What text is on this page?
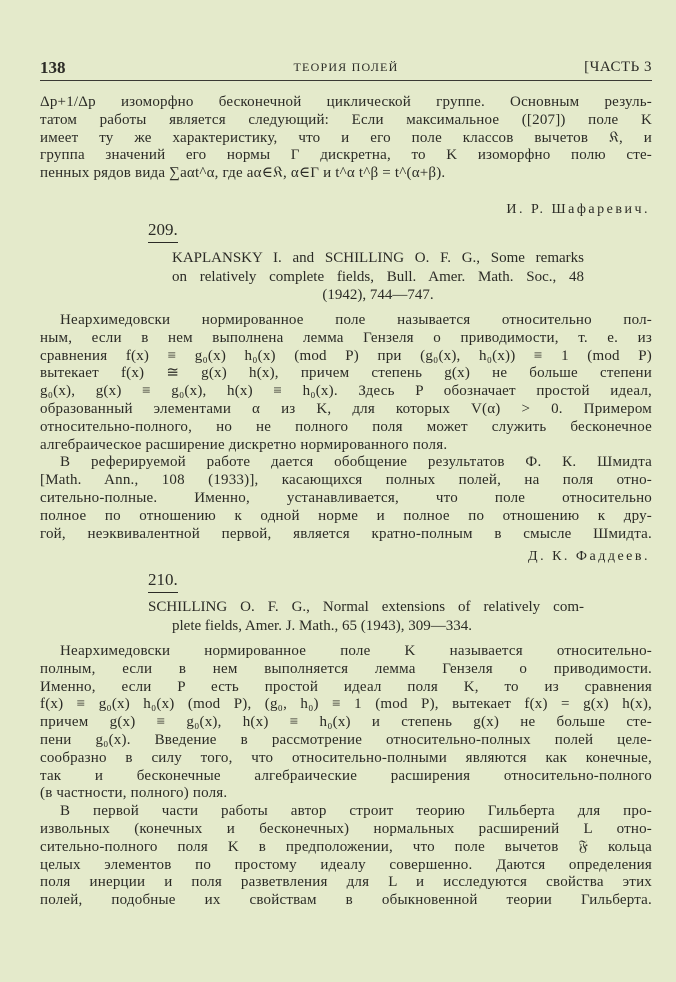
138	ТЕОРИЯ ПОЛЕЙ	[ЧАСТЬ 3
Δp+1/Δp изоморфно бесконечной циклической группе. Основным резуль-
татом работы является следующий: Если максимальное ([207]) поле K
имеет ту же характеристику, что и его поле классов вычетов 𝔎, и
группа значений его нормы Γ дискретна, то K изоморфно полю сте-
пенных рядов вида ∑aαt^α, где aα∈𝔎, α∈Γ и t^α t^β = t^(α+β).
И. Р. Шафаревич.
209.
KAPLANSKY I. and SCHILLING O. F. G., Some remarks
on relatively complete fields, Bull. Amer. Math. Soc., 48
(1942), 744—747.
Неархимедовски нормированное поле называется относительно пол-
ным, если в нем выполнена лемма Гензеля о приводимости, т. е. из
сравнения f(x) ≡ g₀(x) h₀(x) (mod P) при (g₀(x), h₀(x)) ≡ 1 (mod P)
вытекает f(x) ≅ g(x) h(x), причем степень g(x) не больше степени
g₀(x), g(x) ≡ g₀(x), h(x) ≡ h₀(x). Здесь P обозначает простой идеал,
образованный элементами α из K, для которых V(α) > 0. Примером
относительно-полного, но не полного поля может служить бесконечное
алгебраическое расширение дискретно нормированного поля.
В реферируемой работе дается обобщение результатов Ф. К. Шмидта
[Math. Ann., 108 (1933)], касающихся полных полей, на поля отно-
сительно-полные. Именно, устанавливается, что поле относительно
полное по отношению к одной норме и полное по отношению к дру-
гой, неэквивалентной первой, является кратно-полным в смысле Шмидта.
Д. К. Фаддеев.
210.
SCHILLING O. F. G., Normal extensions of relatively com-
plete fields, Amer. J. Math., 65 (1943), 309—334.
Неархимедовски нормированное поле K называется относительно-
полным, если в нем выполняется лемма Гензеля о приводимости.
Именно, если P есть простой идеал поля K, то из сравнения
f(x) ≡ g₀(x) h₀(x) (mod P), (g₀, h₀) ≡ 1 (mod P), вытекает f(x) = g(x) h(x),
причем g(x) ≡ g₀(x), h(x) ≡ h₀(x) и степень g(x) не больше сте-
пени g₀(x). Введение в рассмотрение относительно-полных полей целе-
сообразно в силу того, что относительно-полными являются как конечные,
так и бесконечные алгебраические расширения относительно-полного
(в частности, полного) поля.
В первой части работы автор строит теорию Гильберта для про-
извольных (конечных и бесконечных) нормальных расширений L отно-
сительно-полного поля K в предположении, что поле вычетов 𝔉 кольца
целых элементов по простому идеалу совершенно. Даются определения
поля инерции и поля разветвления для L и исследуются свойства этих
полей, подобные их свойствам в обыкновенной теории Гильберта.
